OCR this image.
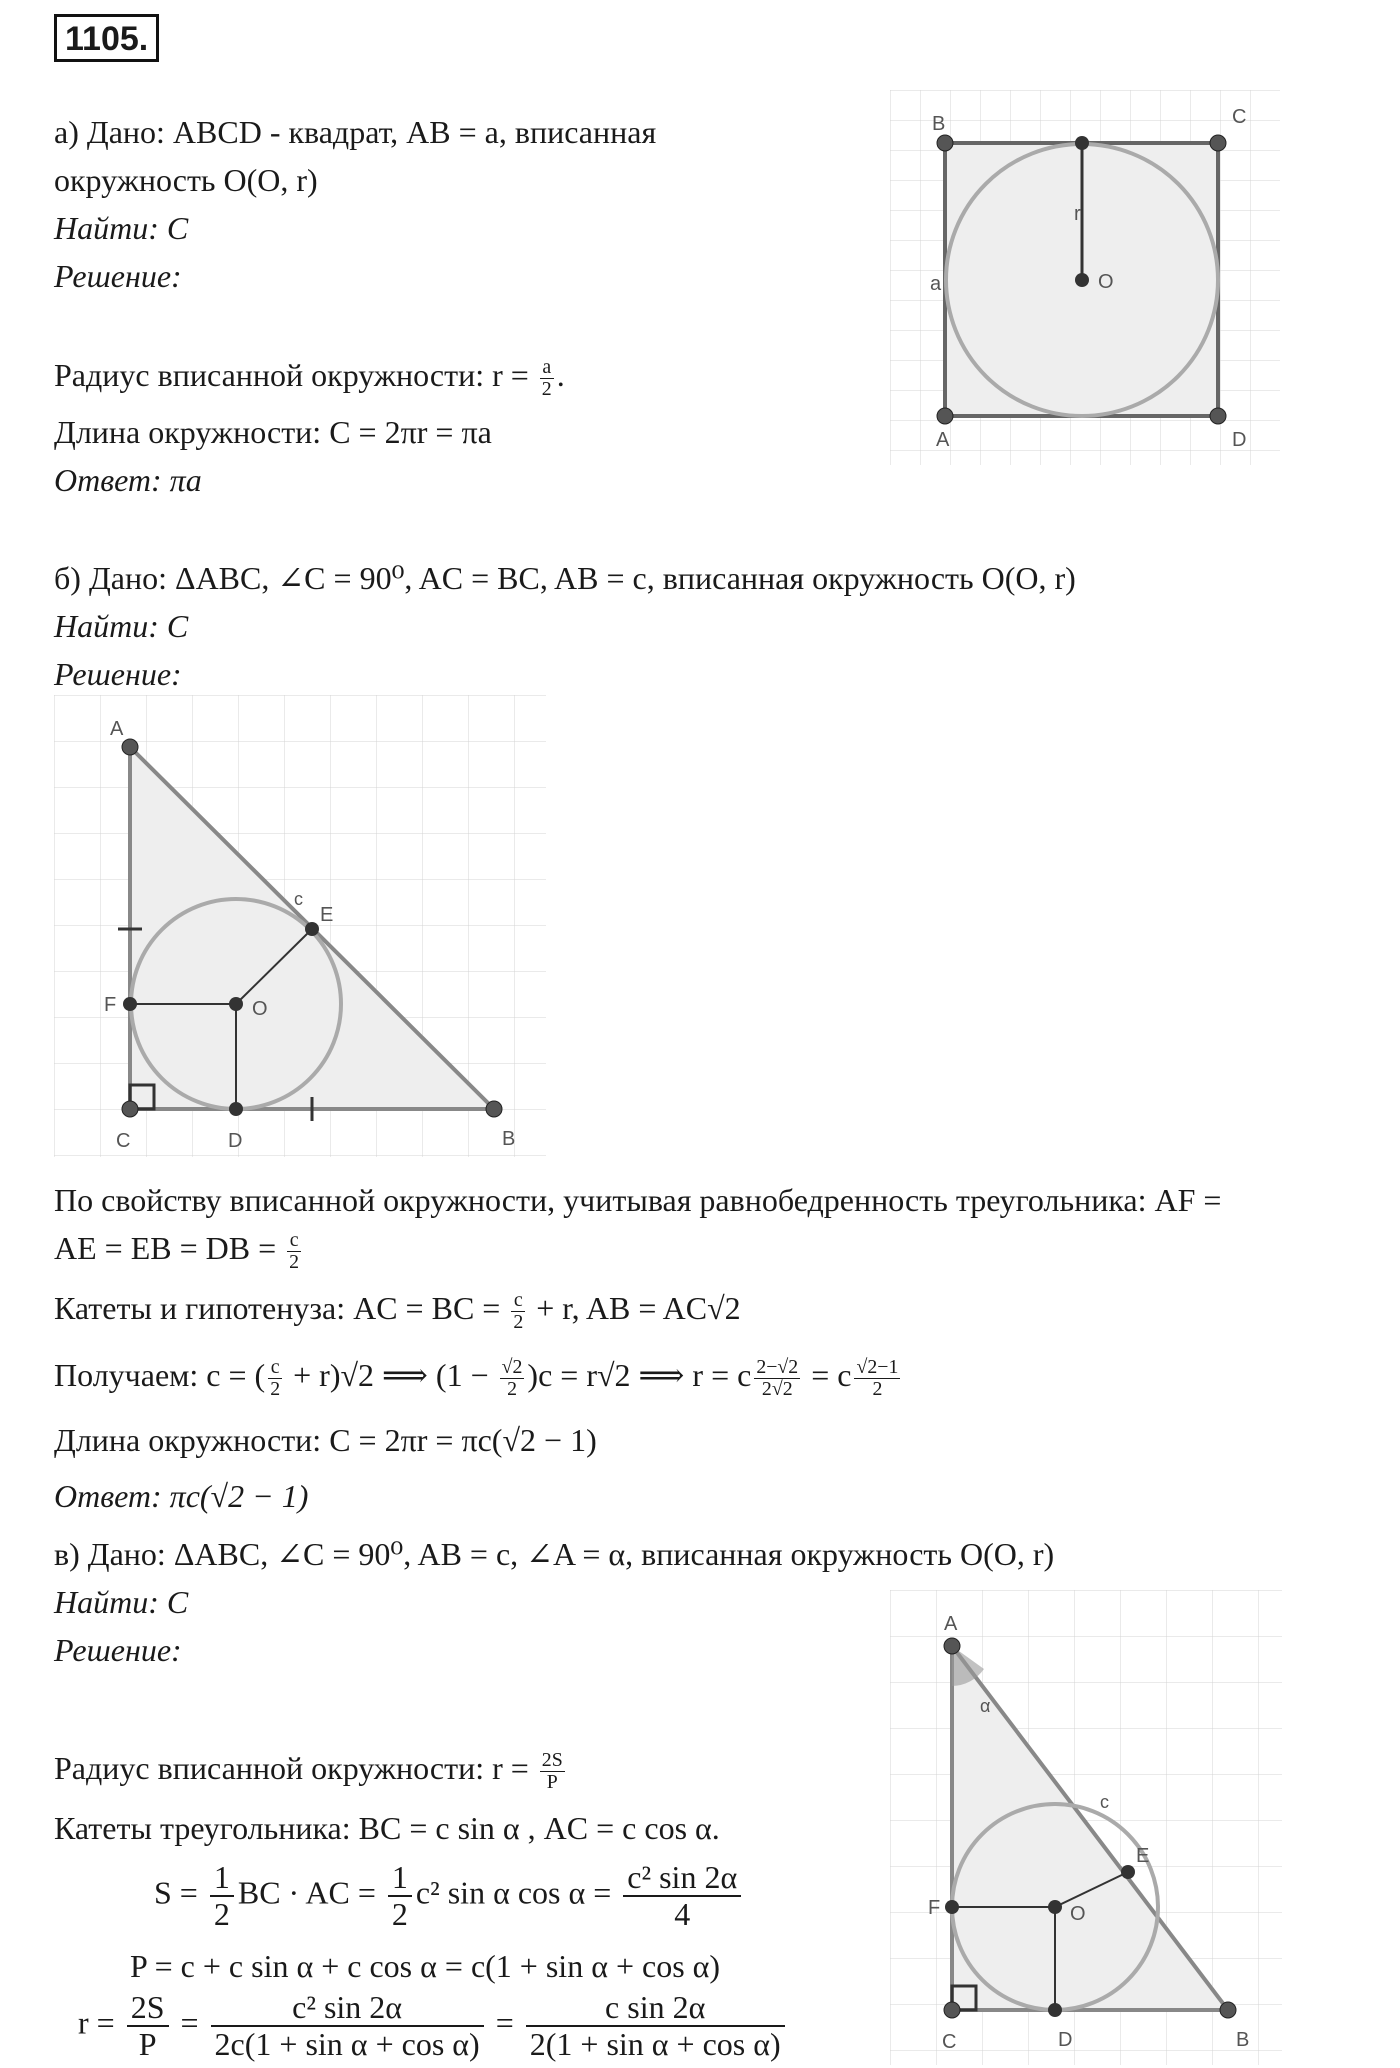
1105.
а) Дано: ABCD - квадрат, AB = a, вписанная
окружность O(O, r)
Найти: C
Решение:
Радиус вписанной окружности: $r = \frac{a}{2}$ .
Длина окружности: C = 2πr = πa
Ответ: πa
B	C
A	D
O
r
a
б) Дано: ΔABC, ∠C = 90⁰, AC = BC, AB = c, вписанная окружность O(O, r)
Найти: C
Решение:
A
C	B
D
E
F	O
c
По свойству вписанной окружности, учитывая равнобедренность треугольника: AF =
AE = EB = DB = $\frac{c}{2}$
Катеты и гипотенуза: AC = BC = $\frac{c}{2} + r$, AB = AC√2
Получаем: c = ( $\frac{c}{2} + r)√2$ ⟹ $(1 - \frac{√2}{2} )c = r√2$ ⟹ r = c $\frac{2-√2}{2√2} = c \frac{√2-1}{2}$
Длина окружности: C = 2πr = πc(√2 − 1)
Ответ: πc(√2 − 1)
в) Дано: ΔABC, ∠C = 90⁰, AB = c, ∠A = α, вписанная окружность O(O, r)
Найти: C
Решение:
Радиус вписанной окружности: $r = \frac{2S}{P}$
Катеты треугольника: BC = c sin α , AC = c cos α.
$S = \frac{1}{2}$ BC · AC = $\frac{1}{2} c^2$ sin α $\cos \alpha = \frac{\text{c² sin 2α}}{4}$
P = c + c sin α + c cos α = c(1 + sin α + cos α)
$r = \frac{2S}{P} = \frac{\text{c² sin 2α}}{\text{2c(1 + sin α + cos α)}} = \frac{\text{c sin 2α}}{\text{2(1 + sin α + cos α)}}$
A
C	B
D
E
F	O
c
α
